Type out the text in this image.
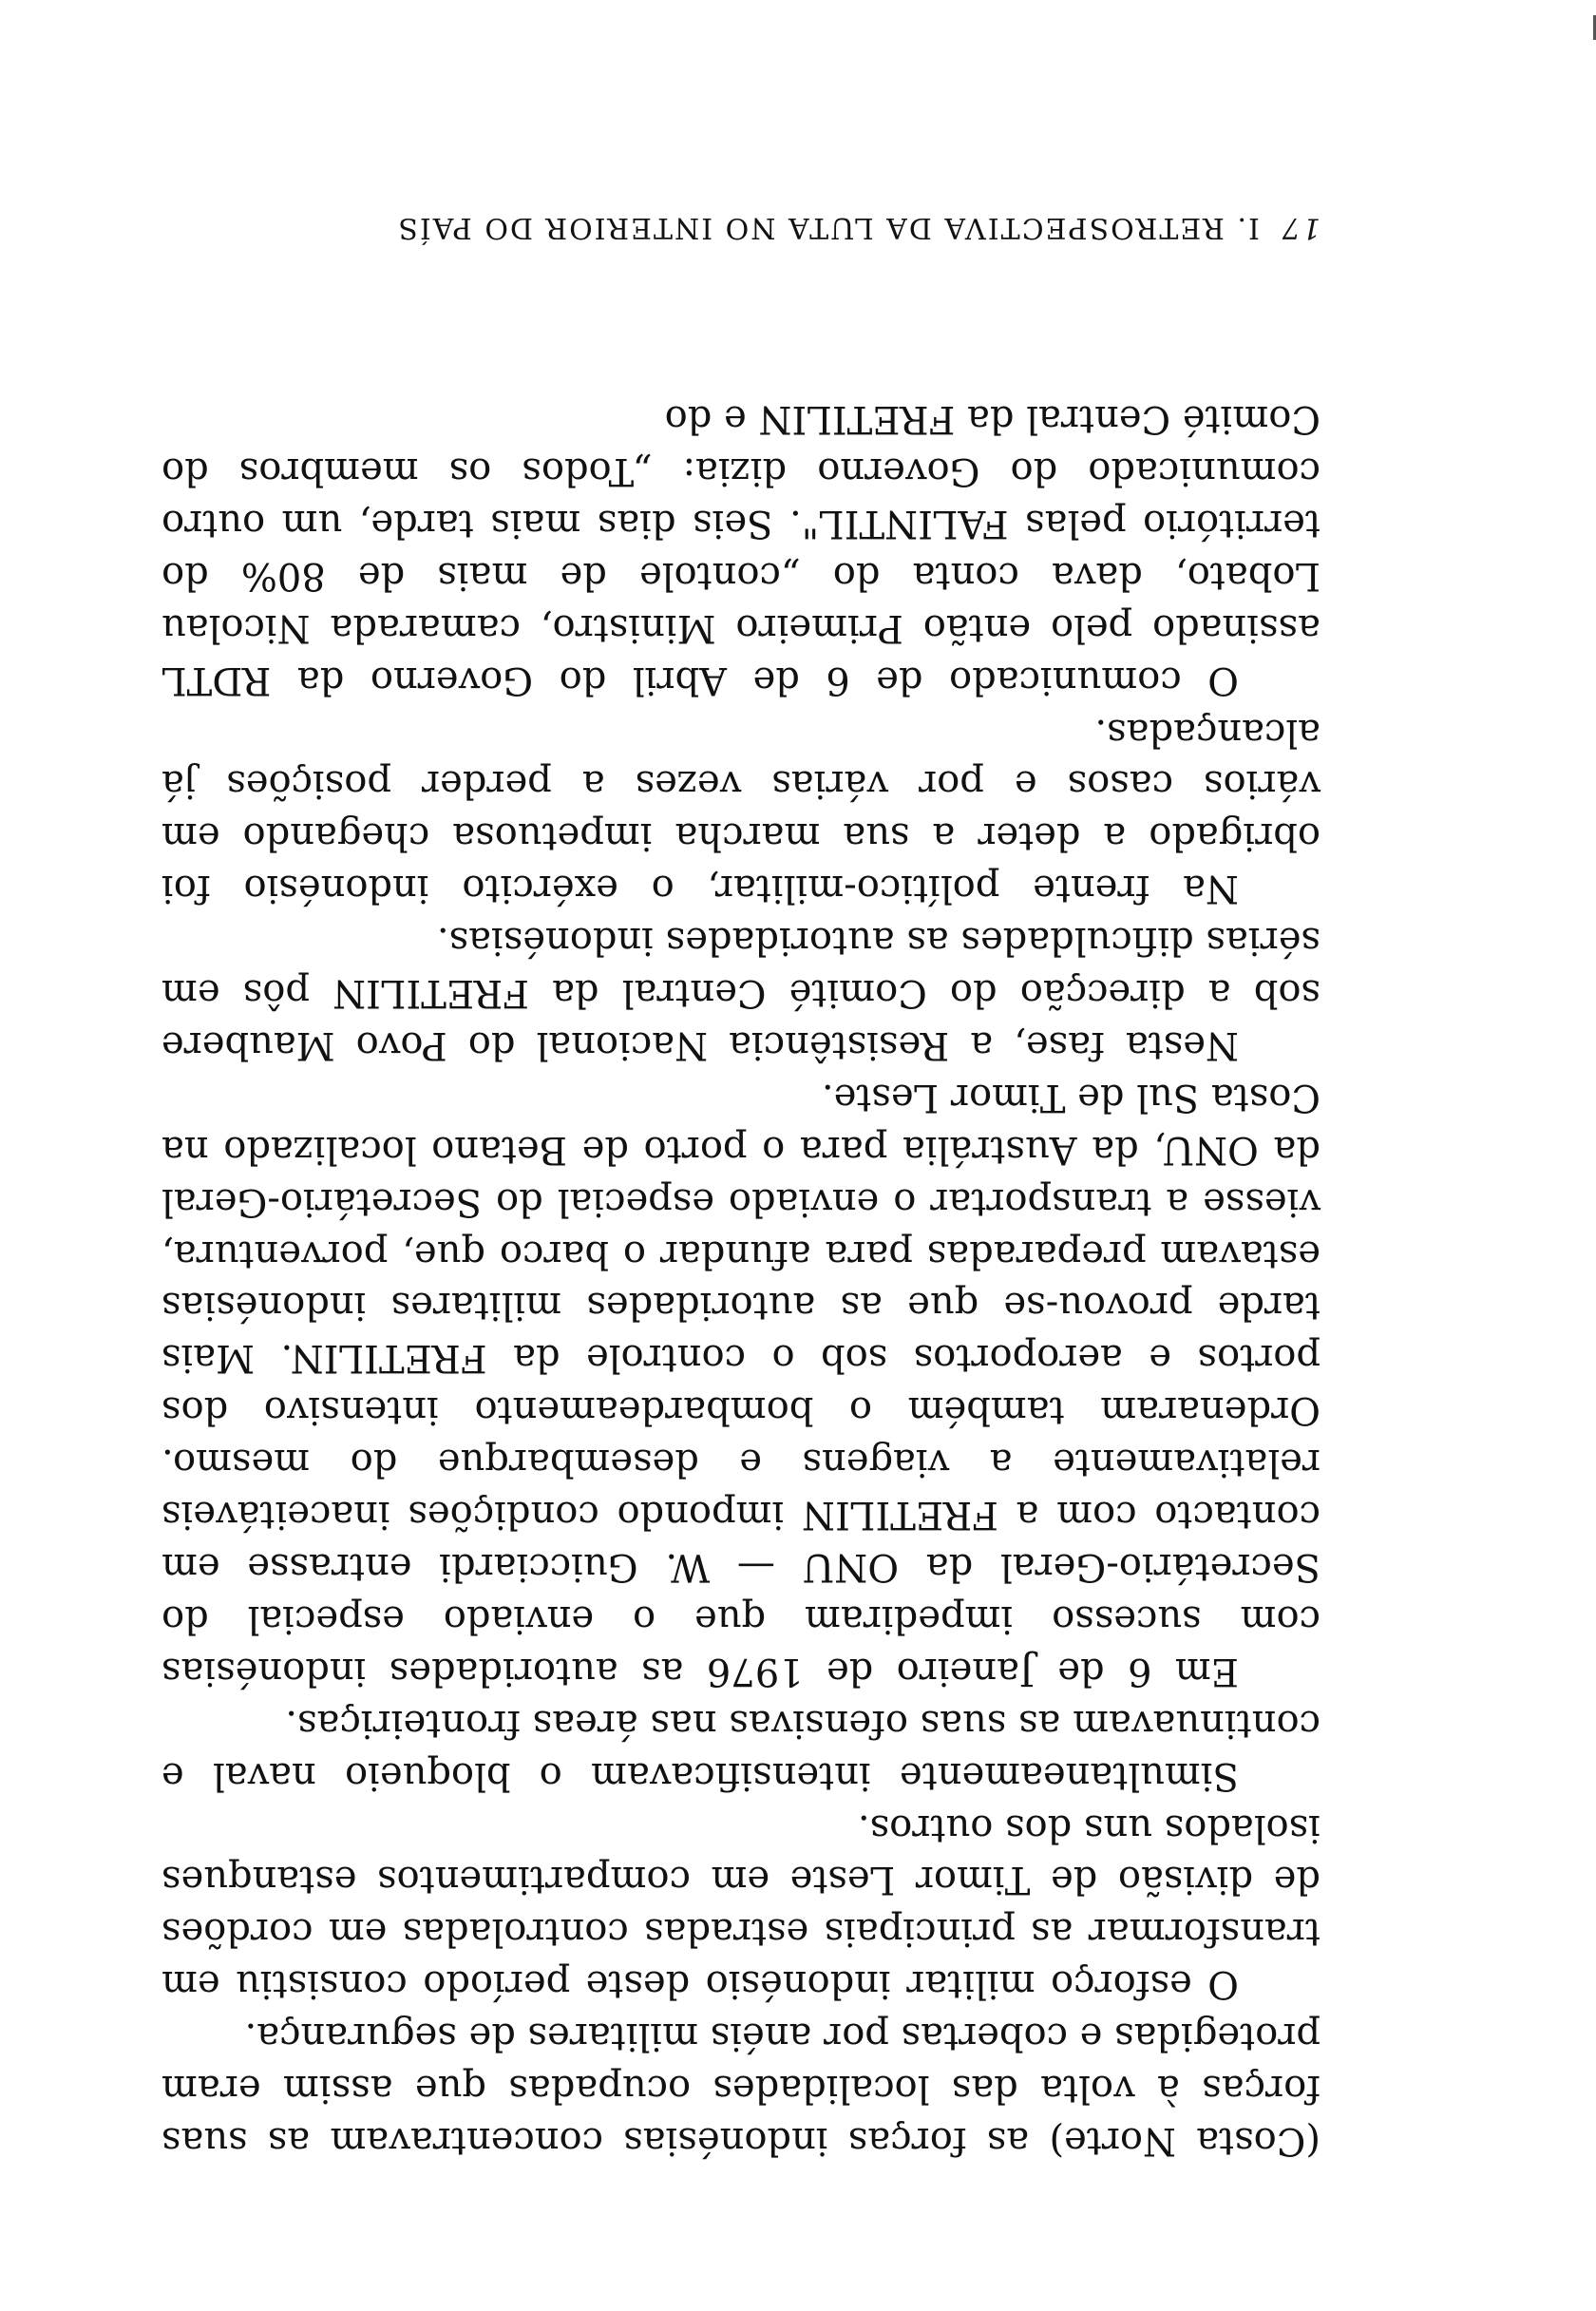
(Costa Norte) as forças indonésias concentravam as suas forças à volta das localidades ocupadas que assim eram protegidas e cobertas por anéis militares de segurança.

O esforço militar indonésio deste período consistiu em transformar as principais estradas controladas em cordões de divisão de Timor Leste em compartimentos estanques isolados uns dos outros.

Simultaneamente intensificavam o bloqueio naval e continuavam as suas ofensivas nas áreas fronteiriças.

Em 6 de Janeiro de 1976 as autoridades indonésias com sucesso impediram que o enviado especial do Secretário-Geral da ONU — W. Guicciardi entrasse em contacto com a FRETILIN impondo condições inaceitáveis relativamente a viagens e desembarque do mesmo. Ordenaram também o bombardeamento intensivo dos portos e aeroportos sob o controle da FRETILIN. Mais tarde provou-se que as autoridades militares indonésias estavam preparadas para afundar o barco que, porventura, viesse a transportar o enviado especial do Secretário-Geral da ONU, da Austrália para o porto de Betano localizado na Costa Sul de Timor Leste.

Nesta fase, a Resistência Nacional do Povo Maubere sob a direcção do Comité Central da FRETILIN pôs em sérias dificuldades as autoridades indonésias.

Na frente político-militar, o exército indonésio foi obrigado a deter a sua marcha impetuosa chegando em vários casos e por várias vezes a perder posições já alcançadas.

O comunicado de 6 de Abril do Governo da RDTL assinado pelo então Primeiro Ministro, camarada Nicolau Lobato, dava conta do „contole de mais de 80% do território pelas FALINTIL". Seis dias mais tarde, um outro comunicado do Governo dizia: „Todos os membros do Comité Central da FRETILIN e do

17I. RETROSPECTIVA DA LUTA NO INTERIOR DO PAÍS
